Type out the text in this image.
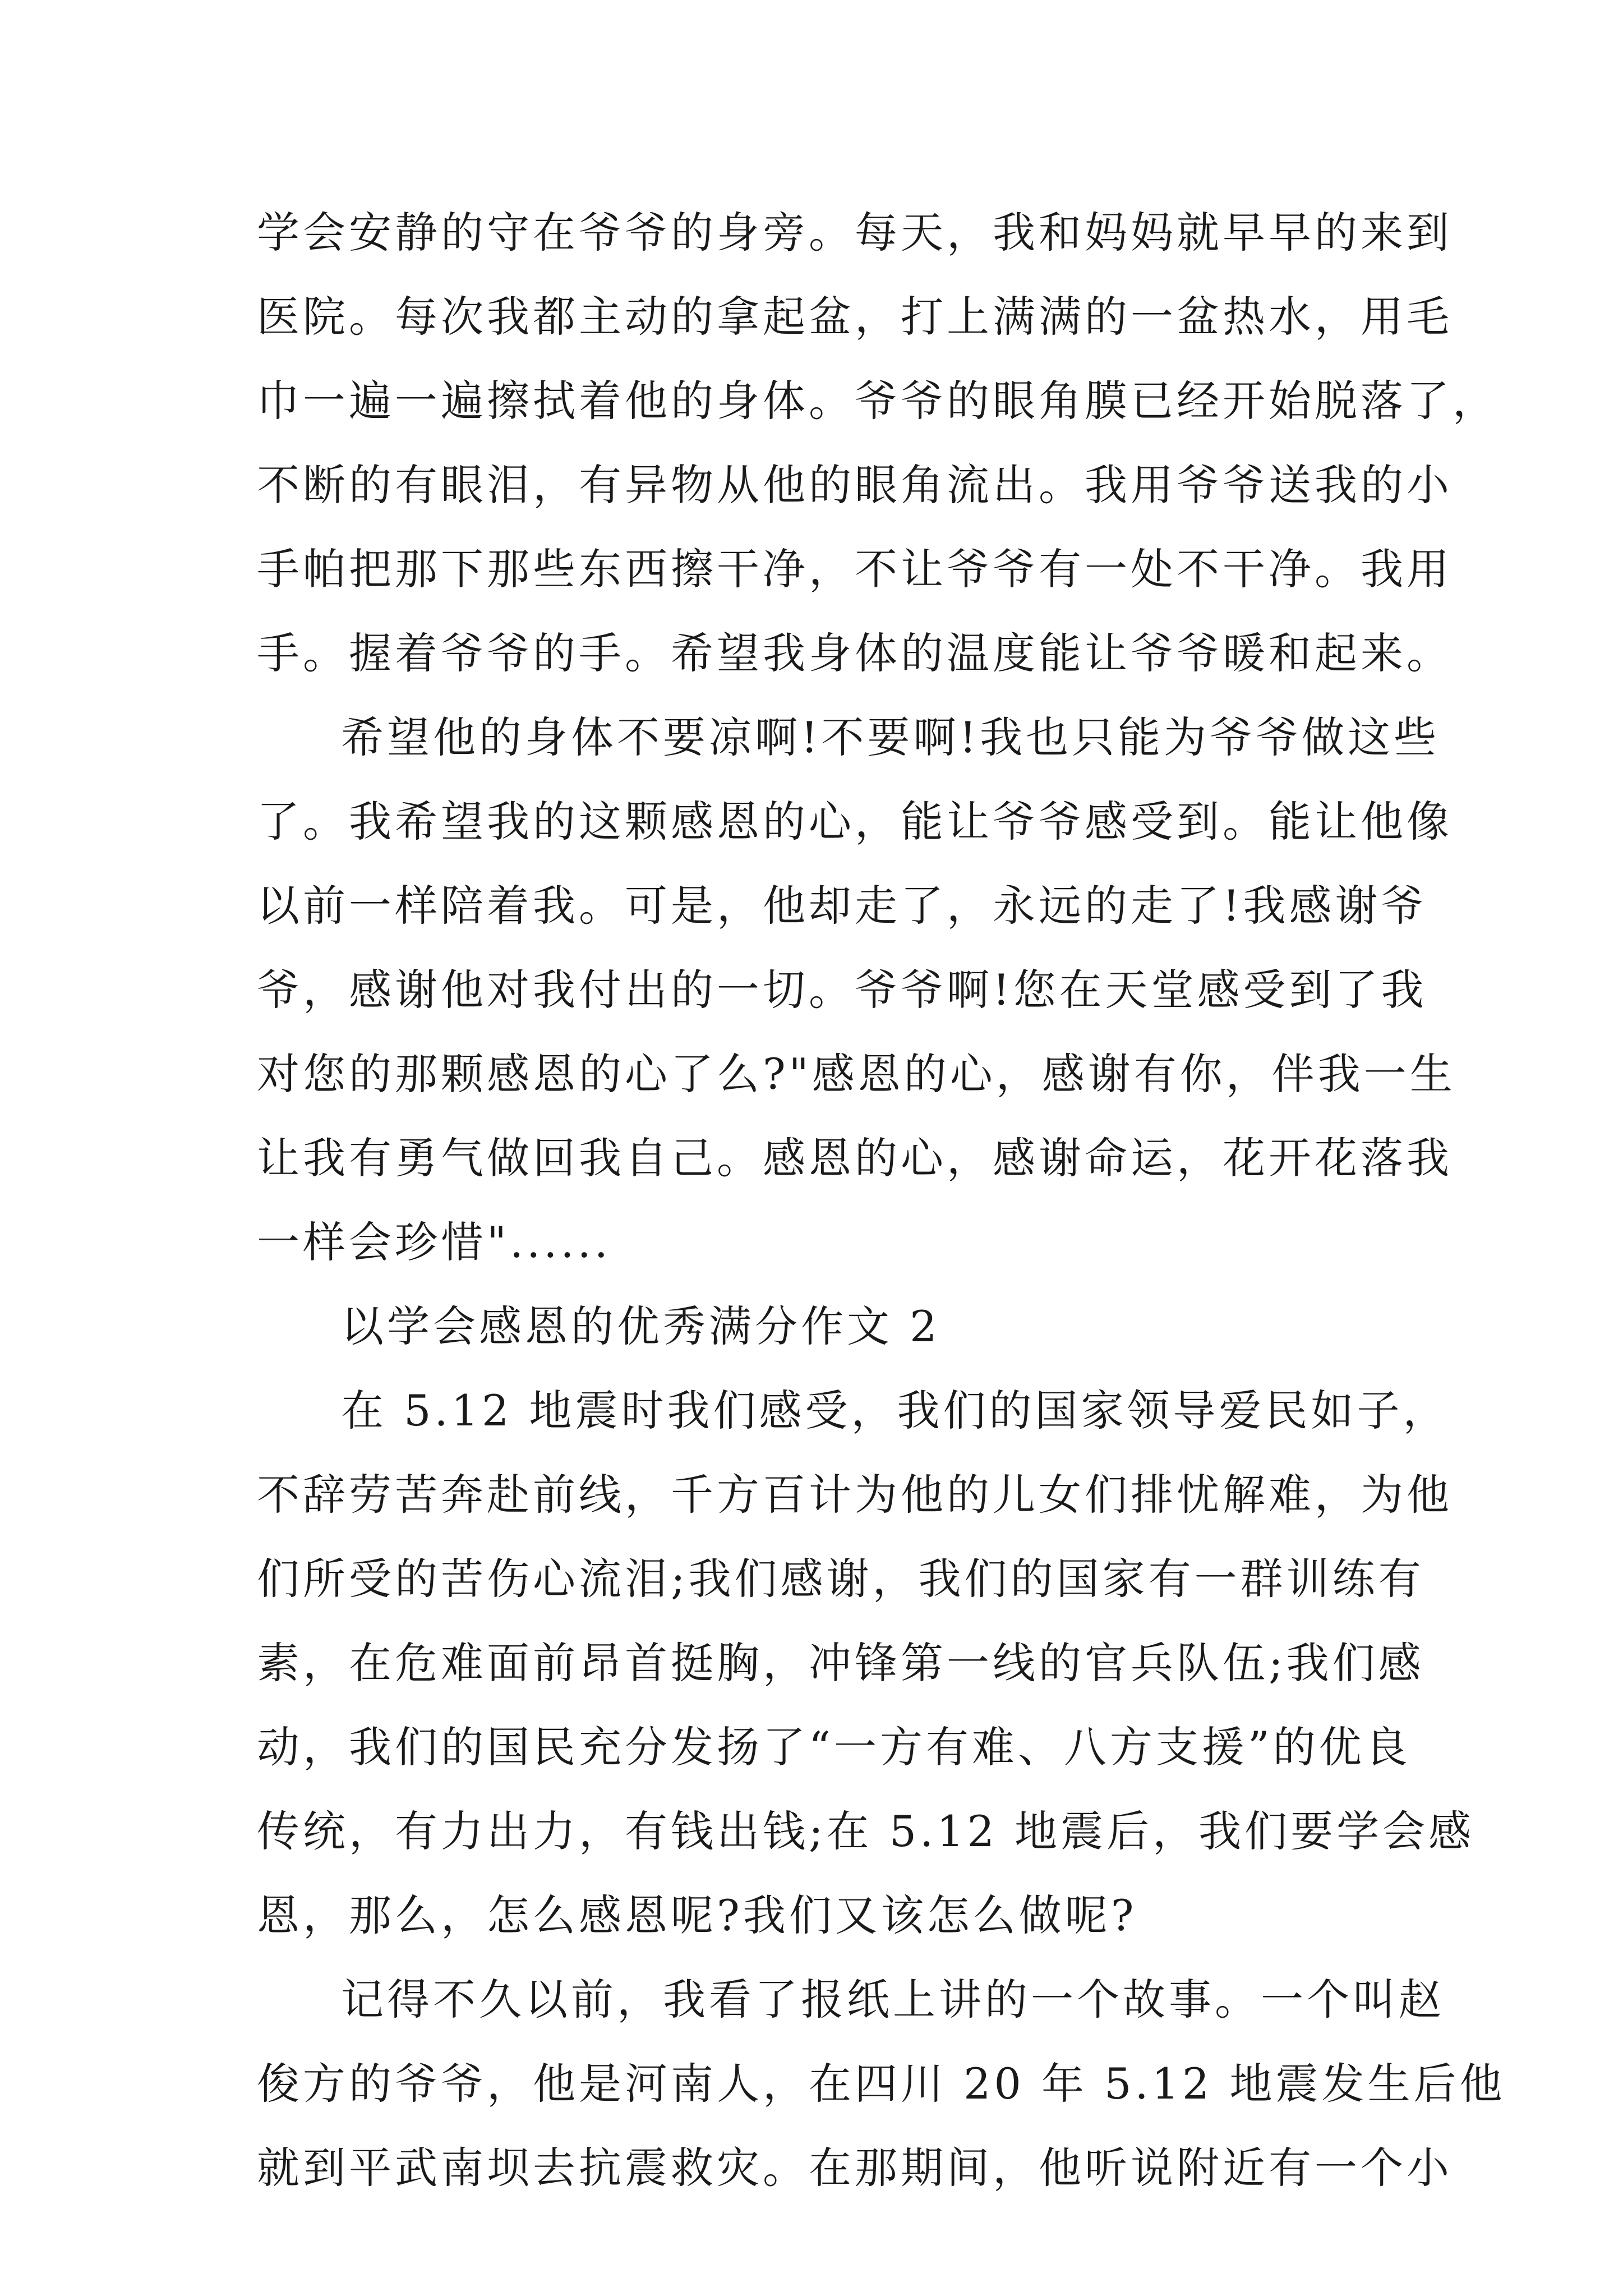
学会安静的守在爷爷的身旁。每天，我和妈妈就早早的来到
医院。每次我都主动的拿起盆，打上满满的一盆热水，用毛
巾一遍一遍擦拭着他的身体。爷爷的眼角膜已经开始脱落了，
不断的有眼泪，有异物从他的眼角流出。我用爷爷送我的小
手帕把那下那些东西擦干净，不让爷爷有一处不干净。我用
手。握着爷爷的手。希望我身体的温度能让爷爷暖和起来。
希望他的身体不要凉啊!不要啊!我也只能为爷爷做这些
了。我希望我的这颗感恩的心，能让爷爷感受到。能让他像
以前一样陪着我。可是，他却走了，永远的走了!我感谢爷
爷，感谢他对我付出的一切。爷爷啊!您在天堂感受到了我
对您的那颗感恩的心了么?"感恩的心，感谢有你，伴我一生
让我有勇气做回我自己。感恩的心，感谢命运，花开花落我
一样会珍惜"......
以学会感恩的优秀满分作文 2
在 5.12 地震时我们感受，我们的国家领导爱民如子，
不辞劳苦奔赴前线，千方百计为他的儿女们排忧解难，为他
们所受的苦伤心流泪;我们感谢，我们的国家有一群训练有
素，在危难面前昂首挺胸，冲锋第一线的官兵队伍;我们感
动，我们的国民充分发扬了“一方有难、八方支援”的优良
传统，有力出力，有钱出钱;在 5.12 地震后，我们要学会感
恩，那么，怎么感恩呢?我们又该怎么做呢?
记得不久以前，我看了报纸上讲的一个故事。一个叫赵
俊方的爷爷，他是河南人，在四川 20 年 5.12 地震发生后他
就到平武南坝去抗震救灾。在那期间，他听说附近有一个小
